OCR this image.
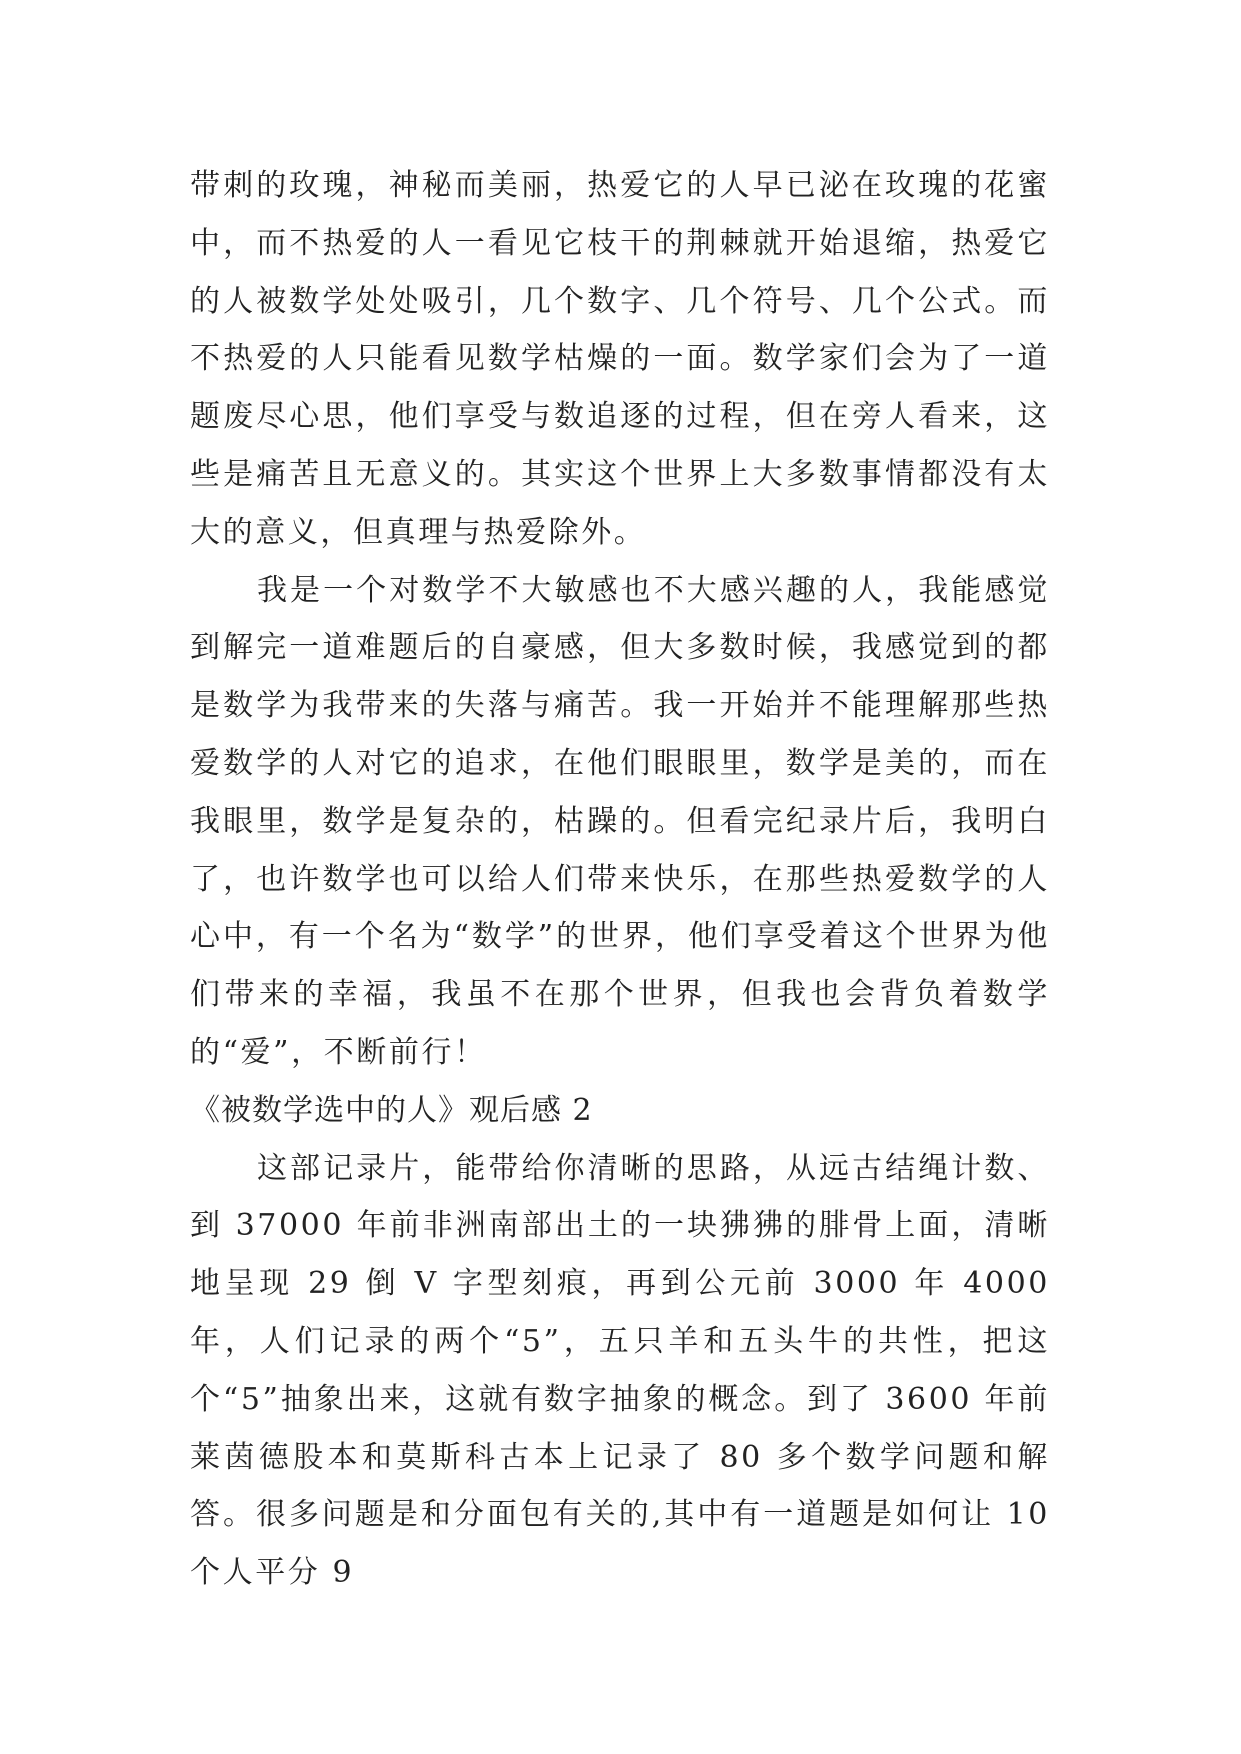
带刺的玫瑰，神秘而美丽，热爱它的人早已泌在玫瑰的花蜜中，而不热爱的人一看见它枝干的荆棘就开始退缩，热爱它的人被数学处处吸引，几个数字、几个符号、几个公式。而不热爱的人只能看见数学枯燥的一面。数学家们会为了一道题废尽心思，他们享受与数追逐的过程，但在旁人看来，这些是痛苦且无意义的。其实这个世界上大多数事情都没有太大的意义，但真理与热爱除外。

我是一个对数学不大敏感也不大感兴趣的人，我能感觉到解完一道难题后的自豪感，但大多数时候，我感觉到的都是数学为我带来的失落与痛苦。我一开始并不能理解那些热爱数学的人对它的追求，在他们眼眼里，数学是美的，而在我眼里，数学是复杂的，枯躁的。但看完纪录片后，我明白了，也许数学也可以给人们带来快乐，在那些热爱数学的人心中，有一个名为“数学”的世界，他们享受着这个世界为他们带来的幸福，我虽不在那个世界，但我也会背负着数学的“爱”，不断前行！

《被数学选中的人》观后感 2

这部记录片，能带给你清晰的思路，从远古结绳计数、到 37000 年前非洲南部出土的一块狒狒的腓骨上面，清晰地呈现 29 倒 V 字型刻痕，再到公元前 3000 年 4000 年，人们记录的两个“5”，五只羊和五头牛的共性，把这个“5”抽象出来，这就有数字抽象的概念。到了 3600 年前莱茵德股本和莫斯科古本上记录了 80 多个数学问题和解答。很多问题是和分面包有关的,其中有一道题是如何让 10 个人平分 9
